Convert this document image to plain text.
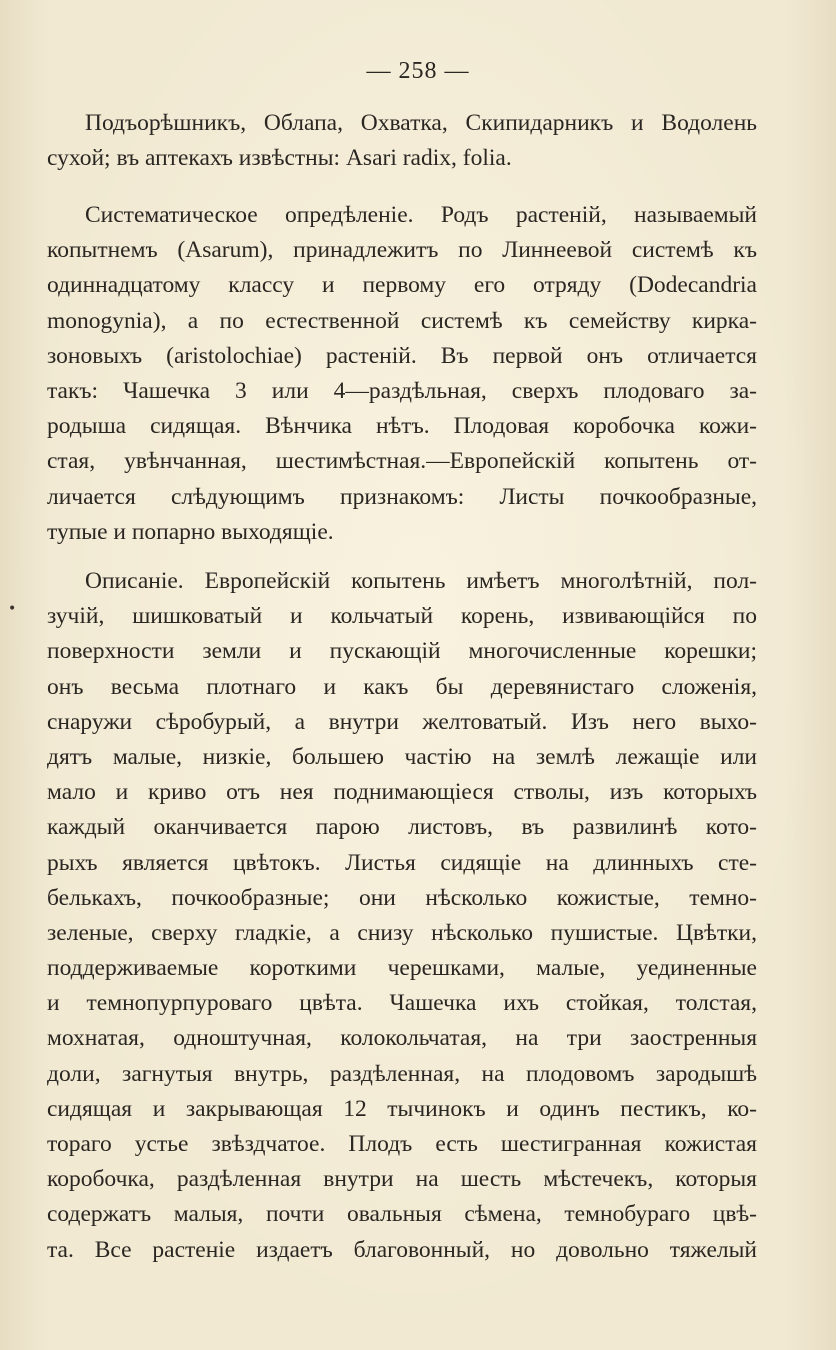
— 258 —
Подъорѣшникъ, Облапа, Охватка, Скипидарникъ и Водолень
сухой; въ аптекахъ извѣстны: Asari radix, folia.
Систематическое опредѣленіе. Родъ растеній, называемый
копытнемъ (Asarum), принадлежитъ по Линнеевой системѣ къ
одиннадцатому классу и первому его отряду (Dodecandria
monogynia), а по естественной системѣ къ семейству кирка-
зоновыхъ (aristolochiae) растеній. Въ первой онъ отличается
такъ: Чашечка 3 или 4—раздѣльная, сверхъ плодоваго за-
родыша сидящая. Вѣнчика нѣтъ. Плодовая коробочка кожи-
стая, увѣнчанная, шестимѣстная.—Европейскій копытень от-
личается слѣдующимъ признакомъ: Листы почкообразные,
тупые и попарно выходящіе.
Описаніе. Европейскій копытень имѣетъ многолѣтній, пол-
зучій, шишковатый и кольчатый корень, извивающійся по
поверхности земли и пускающій многочисленные корешки;
онъ весьма плотнаго и какъ бы деревянистаго сложенія,
снаружи сѣробурый, а внутри желтоватый. Изъ него выхо-
дятъ малые, низкіе, большею частію на землѣ лежащіе или
мало и криво отъ нея поднимающіеся стволы, изъ которыхъ
каждый оканчивается парою листовъ, въ развилинѣ кото-
рыхъ является цвѣтокъ. Листья сидящіе на длинныхъ сте-
белькахъ, почкообразные; они нѣсколько кожистые, темно-
зеленые, сверху гладкіе, а снизу нѣсколько пушистые. Цвѣтки,
поддерживаемые короткими черешками, малые, уединенные
и темнопурпуроваго цвѣта. Чашечка ихъ стойкая, толстая,
мохнатая, одноштучная, колокольчатая, на три заостренныя
доли, загнутыя внутрь, раздѣленная, на плодовомъ зародышѣ
сидящая и закрывающая 12 тычинокъ и одинъ пестикъ, ко-
тораго устье звѣздчатое. Плодъ есть шестигранная кожистая
коробочка, раздѣленная внутри на шесть мѣстечекъ, которыя
содержатъ малыя, почти овальныя сѣмена, темнобураго цвѣ-
та. Все растеніе издаетъ благовонный, но довольно тяжелый
•
